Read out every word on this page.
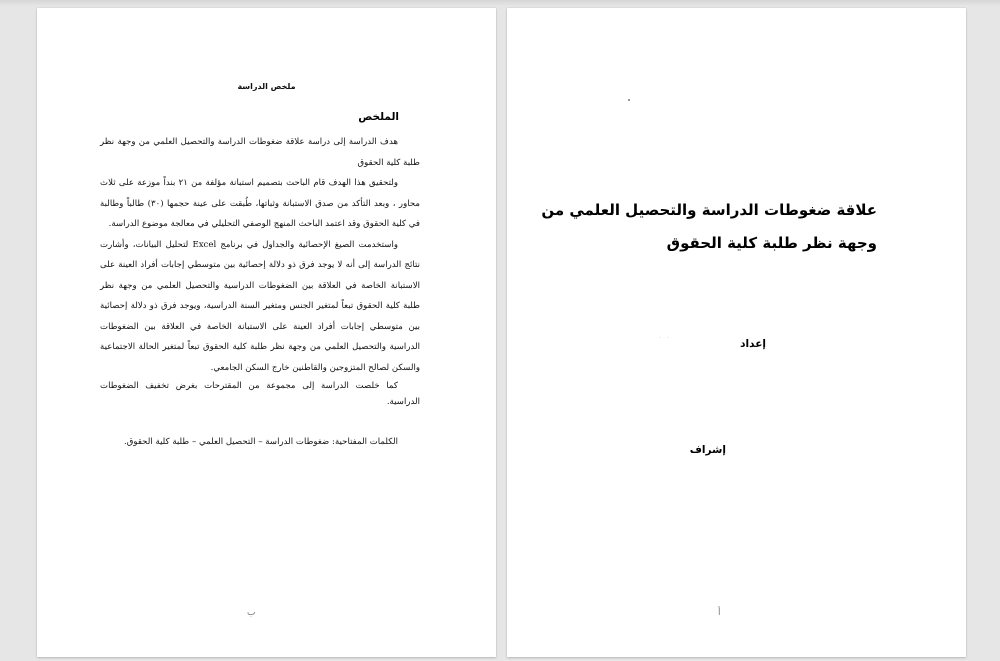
ملخص الدراسة
الملخص

هدف الدراسة إلى دراسة علاقة ضغوطات الدراسة والتحصيل العلمي من وجهة نظر طلبة كلية الحقوق

ولتحقيق هذا الهدف قام الباحث بتصميم استبانة مؤلفة من ٢١ بنداً موزعة على ثلاث محاور ، وبعد التأكد من صدق الاستبانة وثباتها، طُبقت على عينة حجمها (٣٠) طالباً وطالبة في كلية الحقوق وقد اعتمد الباحث المنهج الوصفي التحليلي في معالجة موضوع الدراسة.

واستخدمت الصيغ الإحصائية والجداول في برنامج Excel لتحليل البيانات، وأشارت نتائج الدراسة إلى أنه لا يوجد فرق ذو دلالة إحصائية بين متوسطي إجابات أفراد العينة على الاستبانة الخاصة في العلاقة بين الضغوطات الدراسية والتحصيل العلمي من وجهة نظر طلبة كلية الحقوق تبعاً لمتغير الجنس ومتغير السنة الدراسية، ويوجد فرق ذو دلالة إحصائية بين متوسطي إجابات أفراد العينة على الاستبانة الخاصة في العلاقة بين الضغوطات الدراسية والتحصيل العلمي من وجهة نظر طلبة كلية الحقوق تبعاً لمتغير الحالة الاجتماعية والسكن لصالح المتزوجين والقاطنين خارج السكن الجامعي.

كما خلصت الدراسة إلى مجموعة من المقترحات بغرض تخفيف الضغوطات الدراسية.

الكلمات المفتاحية: ضغوطات الدراسة – التحصيل العلمي – طلبة كلية الحقوق.

ب
علاقة ضغوطات الدراسة والتحصيل العلمي من وجهة نظر طلبة كلية الحقوق
· ·	إعداد
إشراف
أ
